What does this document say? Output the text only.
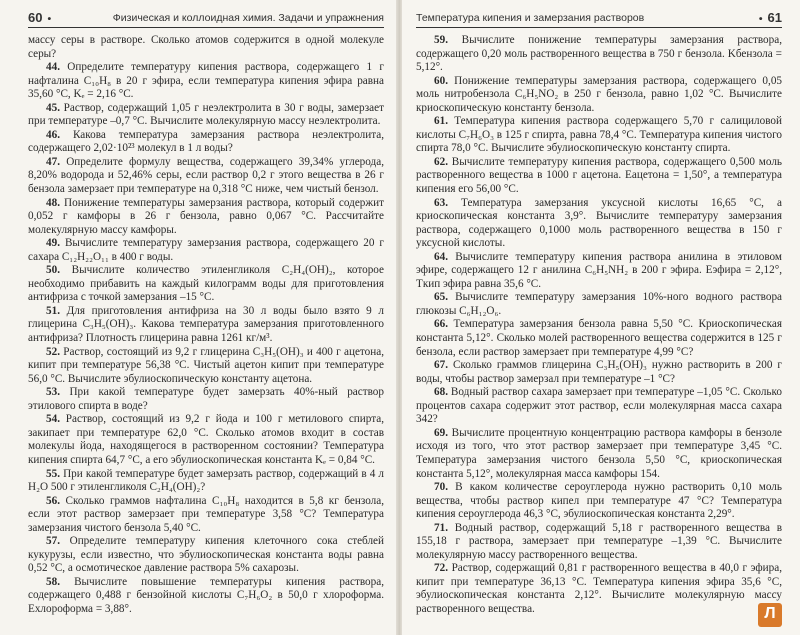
60 •	Физическая и коллоидная химия. Задачи и упражнения

массу серы в растворе. Сколько атомов содержится в одной молекуле серы?

44. Определите температуру кипения раствора, содержащего 1 г нафталина C₁₀H₈ в 20 г эфира, если температура кипения эфира равна 35,60 °C, Kₑ = 2,16 °C.

45. Раствор, содержащий 1,05 г неэлектролита в 30 г воды, замерзает при температуре –0,7 °C. Вычислите молекулярную массу неэлектролита.

46. Какова температура замерзания раствора неэлектролита, содержащего 2,02·10²³ молекул в 1 л воды?

47. Определите формулу вещества, содержащего 39,34% углерода, 8,20% водорода и 52,46% серы, если раствор 0,2 г этого вещества в 26 г бензола замерзает при температуре на 0,318 °C ниже, чем чистый бензол.

48. Понижение температуры замерзания раствора, который содержит 0,052 г камфоры в 26 г бензола, равно 0,067 °C. Рассчитайте молекулярную массу камфоры.

49. Вычислите температуру замерзания раствора, содержащего 20 г сахара C₁₂H₂₂O₁₁ в 400 г воды.

50. Вычислите количество этиленгликоля C₂H₄(OH)₂, которое необходимо прибавить на каждый килограмм воды для приготовления антифриза с точкой замерзания –15 °C.

51. Для приготовления антифриза на 30 л воды было взято 9 л глицерина C₃H₅(OH)₃. Какова температура замерзания приготовленного антифриза? Плотность глицерина равна 1261 кг/м³.

52. Раствор, состоящий из 9,2 г глицерина C₃H₅(OH)₃ и 400 г ацетона, кипит при температуре 56,38 °C. Чистый ацетон кипит при температуре 56,0 °C. Вычислите эбулиоскопическую константу ацетона.

53. При какой температуре будет замерзать 40%-ный раствор этилового спирта в воде?

54. Раствор, состоящий из 9,2 г йода и 100 г метилового спирта, закипает при температуре 62,0 °C. Сколько атомов входит в состав молекулы йода, находящегося в растворенном состоянии? Температура кипения спирта 64,7 °C, а его эбулиоскопическая константа Kₑ = 0,84 °C.

55. При какой температуре будет замерзать раствор, содержащий в 4 л H₂O 500 г этиленгликоля C₂H₄(OH)₂?

56. Сколько граммов нафталина C₁₀H₈ находится в 5,8 кг бензола, если этот раствор замерзает при температуре 3,58 °C? Температура замерзания чистого бензола 5,40 °C.

57. Определите температуру кипения клеточного сока стеблей кукурузы, если известно, что эбулиоскопическая константа воды равна 0,52 °C, а осмотическое давление раствора 5% сахарозы.

58. Вычислите повышение температуры кипения раствора, содержащего 0,488 г бензойной кислоты C₇H₆O₂ в 50,0 г хлороформа. Eхлороформа = 3,88°.

Температура кипения и замерзания растворов	• 61

59. Вычислите понижение температуры замерзания раствора, содержащего 0,20 моль растворенного вещества в 750 г бензола. Kбензола = 5,12°.

60. Понижение температуры замерзания раствора, содержащего 0,05 моль нитробензола C₆H₅NO₂ в 250 г бензола, равно 1,02 °C. Вычислите криоскопическую константу бензола.

61. Температура кипения раствора содержащего 5,70 г салициловой кислоты C₇H₆O₃ в 125 г спирта, равна 78,4 °C. Температура кипения чистого спирта 78,0 °C. Вычислите эбулиоскопическую константу спирта.

62. Вычислите температуру кипения раствора, содержащего 0,500 моль растворенного вещества в 1000 г ацетона. Eацетона = 1,50°, а температура кипения его 56,00 °C.

63. Температура замерзания уксусной кислоты 16,65 °C, а криоскопическая константа 3,9°. Вычислите температуру замерзания раствора, содержащего 0,1000 моль растворенного вещества в 150 г уксусной кислоты.

64. Вычислите температуру кипения раствора анилина в этиловом эфире, содержащего 12 г анилина C₆H₅NH₂ в 200 г эфира. Eэфира = 2,12°, Tкип эфира равна 35,6 °C.

65. Вычислите температуру замерзания 10%-ного водного раствора глюкозы C₆H₁₂O₆.

66. Температура замерзания бензола равна 5,50 °C. Криоскопическая константа 5,12°. Сколько молей растворенного вещества содержится в 125 г бензола, если раствор замерзает при температуре 4,99 °C?

67. Сколько граммов глицерина C₃H₅(OH)₃ нужно растворить в 200 г воды, чтобы раствор замерзал при температуре –1 °C?

68. Водный раствор сахара замерзает при температуре –1,05 °C. Сколько процентов сахара содержит этот раствор, если молекулярная масса сахара 342?

69. Вычислите процентную концентрацию раствора камфоры в бензоле исходя из того, что этот раствор замерзает при температуре 3,45 °C. Температура замерзания чистого бензола 5,50 °C, криоскопическая константа 5,12°, молекулярная масса камфоры 154.

70. В каком количестве сероуглерода нужно растворить 0,10 моль вещества, чтобы раствор кипел при температуре 47 °C? Температура кипения сероуглерода 46,3 °C, эбулиоскопическая константа 2,29°.

71. Водный раствор, содержащий 5,18 г растворенного вещества в 155,18 г раствора, замерзает при температуре –1,39 °C. Вычислите молекулярную массу растворенного вещества.

72. Раствор, содержащий 0,81 г растворенного вещества в 40,0 г эфира, кипит при температуре 36,13 °C. Температура кипения эфира 35,6 °C, эбулиоскопическая константа 2,12°. Вычислите молекулярную массу растворенного вещества.

Л
